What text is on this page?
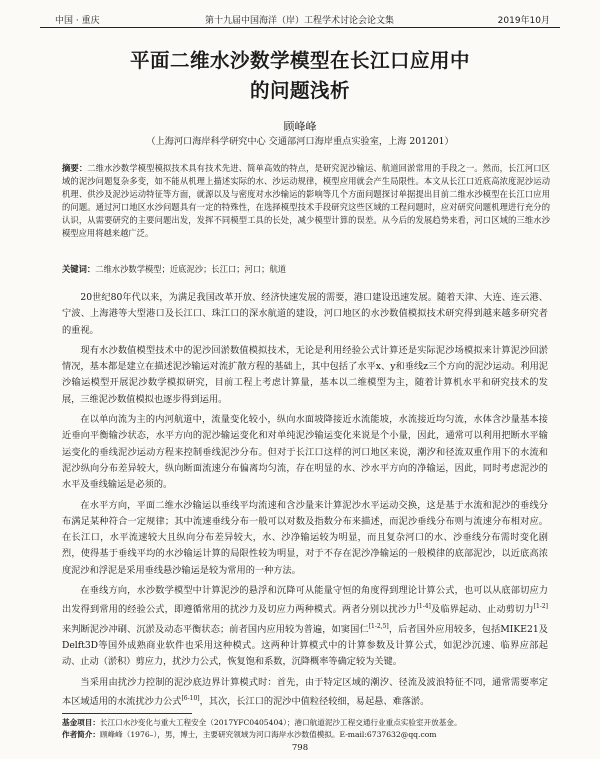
中国 · 重庆	第十九届中国海洋（岸）工程学术讨论会论文集	2019年10月
平面二维水沙数学模型在长江口应用中
的问题浅析
顾峰峰
（上海河口海岸科学研究中心 交通部河口海岸重点实验室，上海 201201）
摘要：二维水沙数学模型模拟技术具有技术先进、简单高效的特点，是研究泥沙输运、航道回淤常用的手段之一。然而，长江河口区域的泥沙问题复杂多变，如不能从机理上描述实际的水、沙运动规律，模型应用就会产生局限性。本文从长江口近底高浓度泥沙运动机理、供沙及泥沙运动特征等方面，就源以及与密度对水沙输运的影响等几个方面问题探讨单据提出目前二维水沙模型在长江口应用的问题。通过河口地区水沙问题具有一定的特殊性，在选择模型技术手段研究这些区域的工程问题时，应对研究问题机理进行充分的认识，从需要研究的主要问题出发，发挥不同模型工具的长处，减少模型计算的误差。从今后的发展趋势来看，河口区域的三维水沙模型应用将越来越广泛。
关键词：二维水沙数学模型；近底泥沙；长江口；河口；航道

20世纪80年代以来，为满足我国改革开放、经济快速发展的需要，港口建设迅速发展。随着天津、大连、连云港、宁波、上海港等大型港口及长江口、珠江口的深水航道的建设，河口地区的水沙数值模拟技术研究得到越来越多研究者的重视。

现有水沙数值模型技术中的泥沙回淤数值模拟技术，无论是利用经验公式计算还是实际泥沙场模拟来计算泥沙回淤情况，基本都是建立在描述泥沙输运对流扩散方程的基础上，其中包括了水平x、y和垂线z三个方向的泥沙运动。利用泥沙输运模型开展泥沙数学模拟研究，目前工程上考虑计算量，基本以二维模型为主，随着计算机水平和研究技术的发展，三维泥沙数值模拟也逐步得到运用。

在以单向流为主的内河航道中，流量变化较小，纵向水面坡降接近水流能坡，水流接近均匀流，水体含沙量基本接近垂向平衡输沙状态，水平方向的泥沙输运变化和对单纯泥沙输运变化来说是个小量，因此，通常可以利用把断水平输运变化的垂线泥沙运动方程来控制垂线泥沙分布。但对于长江口这样的河口地区来说，潮汐和径流双重作用下的水流和泥沙纵向分布差异较大，纵向断面流速分布偏离均匀流，存在明显的水、沙水平方向的净输运，因此，同时考虑泥沙的水平及垂线输运是必须的。

在水平方向，平面二维水沙输运以垂线平均流速和含沙量来计算泥沙水平运动交换，这是基于水流和泥沙的垂线分布满足某种符合一定规律；其中流速垂线分布一般可以对数及指数分布来描述，而泥沙垂线分布则与流速分布相对应。在长江口，水平流速较大且纵向分布差异较大，水、沙净输运较为明显，而且复杂河口的水、沙垂线分布需时变化剧烈，使得基于垂线平均的水沙输运计算的局限性较为明显，对于不存在泥沙净输运的一般模律的底部泥沙，以近底高浓度泥沙和浮泥是采用垂线悬沙输运是较为常用的一种方法。

在垂线方向，水沙数学模型中计算泥沙的悬浮和沉降可从能量守恒的角度得到理论计算公式，也可以从底部切应力出发得到常用的经验公式，即遵循常用的扰沙力及切应力两种模式。两者分别以扰沙力[1-4]及临界起动、止动剪切力[1-2]来判断泥沙冲刷、沉淤及动态平衡状态；前者国内应用较为普遍，如窦国仁[1-2,5]，后者国外应用较多，包括MIKE21及Delft3D等国外成熟商业软件也采用这种模式。这两种计算模式中的计算参数及计算公式，如泥沙沉速、临界应部起动、止动（淤积）剪应力，扰沙力公式，恢复饱和系数，沉降概率等确定较为关键。

当采用由扰沙力控制的泥沙底边界计算模式时：首先，由于特定区域的潮汐、径流及波浪特征不同，通常需要率定本区域适用的水流扰沙力公式[6-10]，其次，长江口的泥沙中值粒径较细，易起悬、难落淤。

基金项目：长江口水沙变化与重大工程安全（2017YFC0405404）；港口航道泥沙工程交通行业重点实验室开放基金。
作者简介：顾峰峰（1976–），男，博士，主要研究领域为河口海岸水沙数值模拟。E-mail:6737632@qq.com
798
